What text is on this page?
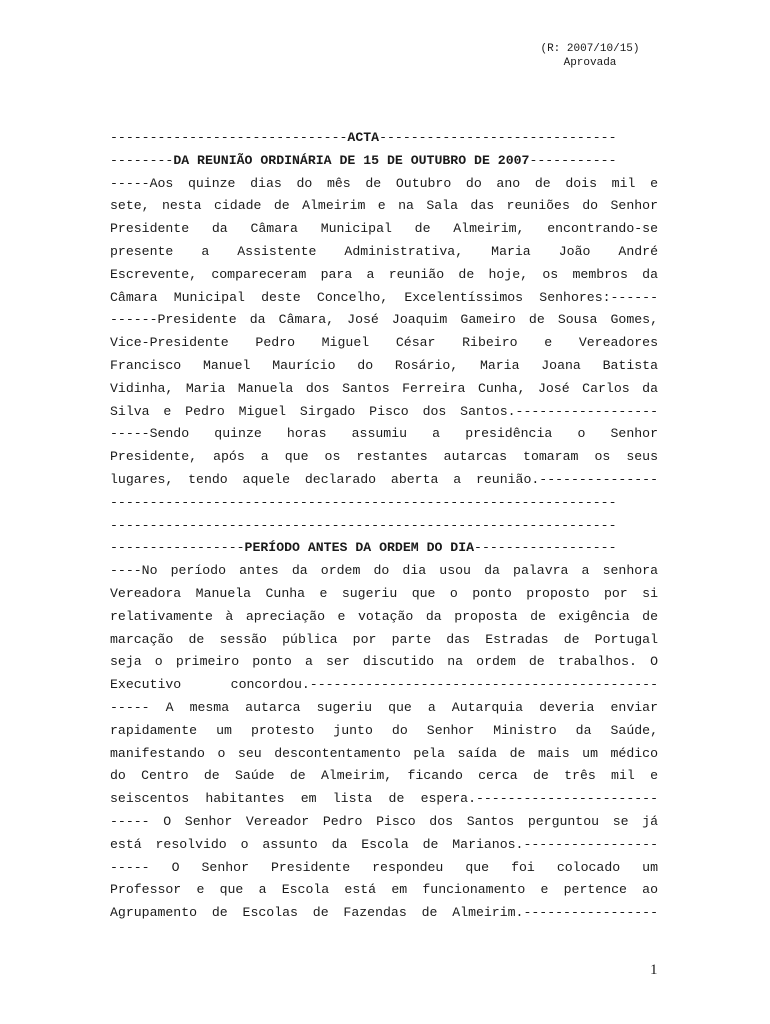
(R: 2007/10/15)
Aprovada
------------------------------ACTA------------------------------
--------DA REUNIÃO ORDINÁRIA DE 15 DE OUTUBRO DE 2007-----------
-----Aos quinze dias do mês de Outubro do ano de dois mil e
sete, nesta cidade de Almeirim e na Sala das reuniões do Senhor
Presidente da Câmara Municipal de Almeirim, encontrando-se
presente a Assistente Administrativa, Maria João André
Escrevente, compareceram para a reunião de hoje, os membros da
Câmara Municipal deste Concelho, Excelentíssimos Senhores:------
------Presidente da Câmara, José Joaquim Gameiro de Sousa Gomes,
Vice-Presidente Pedro Miguel César Ribeiro e Vereadores
Francisco Manuel Maurício do Rosário, Maria Joana Batista
Vidinha, Maria Manuela dos Santos Ferreira Cunha, José Carlos da
Silva e Pedro Miguel Sirgado Pisco dos Santos.------------------
-----Sendo quinze horas assumiu a presidência o Senhor
Presidente, após a que os restantes autarcas tomaram os seus
lugares, tendo aquele declarado aberta a reunião.---------------
----------------------------------------------------------------
----------------------------------------------------------------
-----------------PERÍODO ANTES DA ORDEM DO DIA------------------
----No período antes da ordem do dia usou da palavra a senhora
Vereadora Manuela Cunha e sugeriu que o ponto proposto por si
relativamente à apreciação e votação da proposta de exigência de
marcação de sessão pública por parte das Estradas de Portugal
seja o primeiro ponto a ser discutido na ordem de trabalhos. O
Executivo concordou.--------------------------------------------
----- A mesma autarca sugeriu que a Autarquia deveria enviar
rapidamente um protesto junto do Senhor Ministro da Saúde,
manifestando o seu descontentamento pela saída de mais um médico
do Centro de Saúde de Almeirim, ficando cerca de três mil e
seiscentos habitantes em lista de espera.-----------------------
----- O Senhor Vereador Pedro Pisco dos Santos perguntou se já
está resolvido o assunto da Escola de Marianos.-----------------
----- O Senhor Presidente respondeu que foi colocado um
Professor e que a Escola está em funcionamento e pertence ao
Agrupamento de Escolas de Fazendas de Almeirim.-----------------
1
